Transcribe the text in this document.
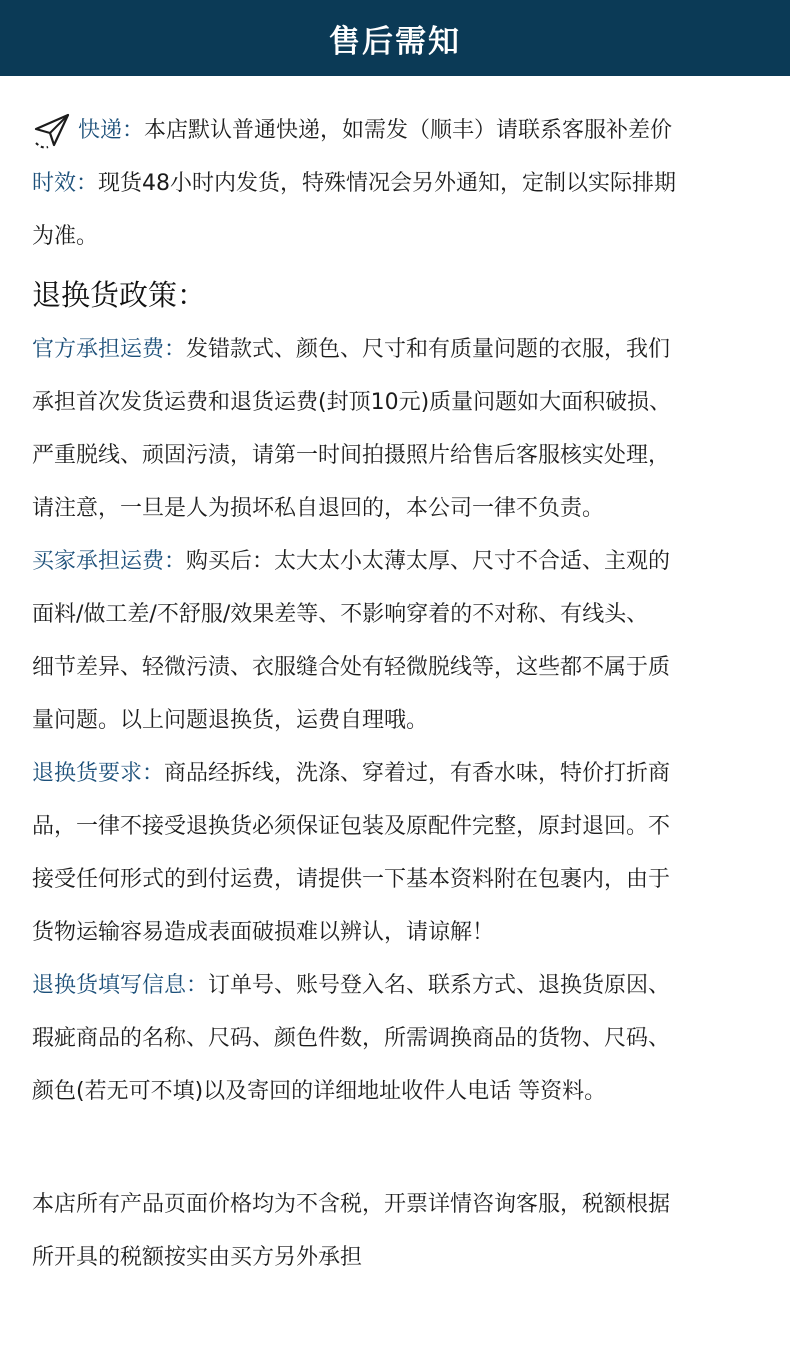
售后需知
快递： 本店默认普通快递，如需发（顺丰）请联系客服补差价
时效：现货48小时内发货，特殊情况会另外通知，定制以实际排期
为准。
退换货政策：
官方承担运费：发错款式、颜色、尺寸和有质量问题的衣服，我们
承担首次发货运费和退货运费(封顶10元)质量问题如大面积破损、
严重脱线、顽固污渍，请第一时间拍摄照片给售后客服核实处理，
请注意，一旦是人为损坏私自退回的，本公司一律不负责。
买家承担运费：购买后：太大太小太薄太厚、尺寸不合适、主观的
面料/做工差/不舒服/效果差等、不影响穿着的不对称、有线头、
细节差异、轻微污渍、衣服缝合处有轻微脱线等，这些都不属于质
量问题。以上问题退换货，运费自理哦。
退换货要求：商品经拆线，洗涤、穿着过，有香水味，特价打折商
品，一律不接受退换货必须保证包装及原配件完整，原封退回。不
接受任何形式的到付运费，请提供一下基本资料附在包裹内，由于
货物运输容易造成表面破损难以辨认，请谅解！
退换货填写信息：订单号、账号登入名、联系方式、退换货原因、
瑕疵商品的名称、尺码、颜色件数，所需调换商品的货物、尺码、
颜色(若无可不填)以及寄回的详细地址收件人电话 等资料。
本店所有产品页面价格均为不含税，开票详情咨询客服，税额根据
所开具的税额按实由买方另外承担
